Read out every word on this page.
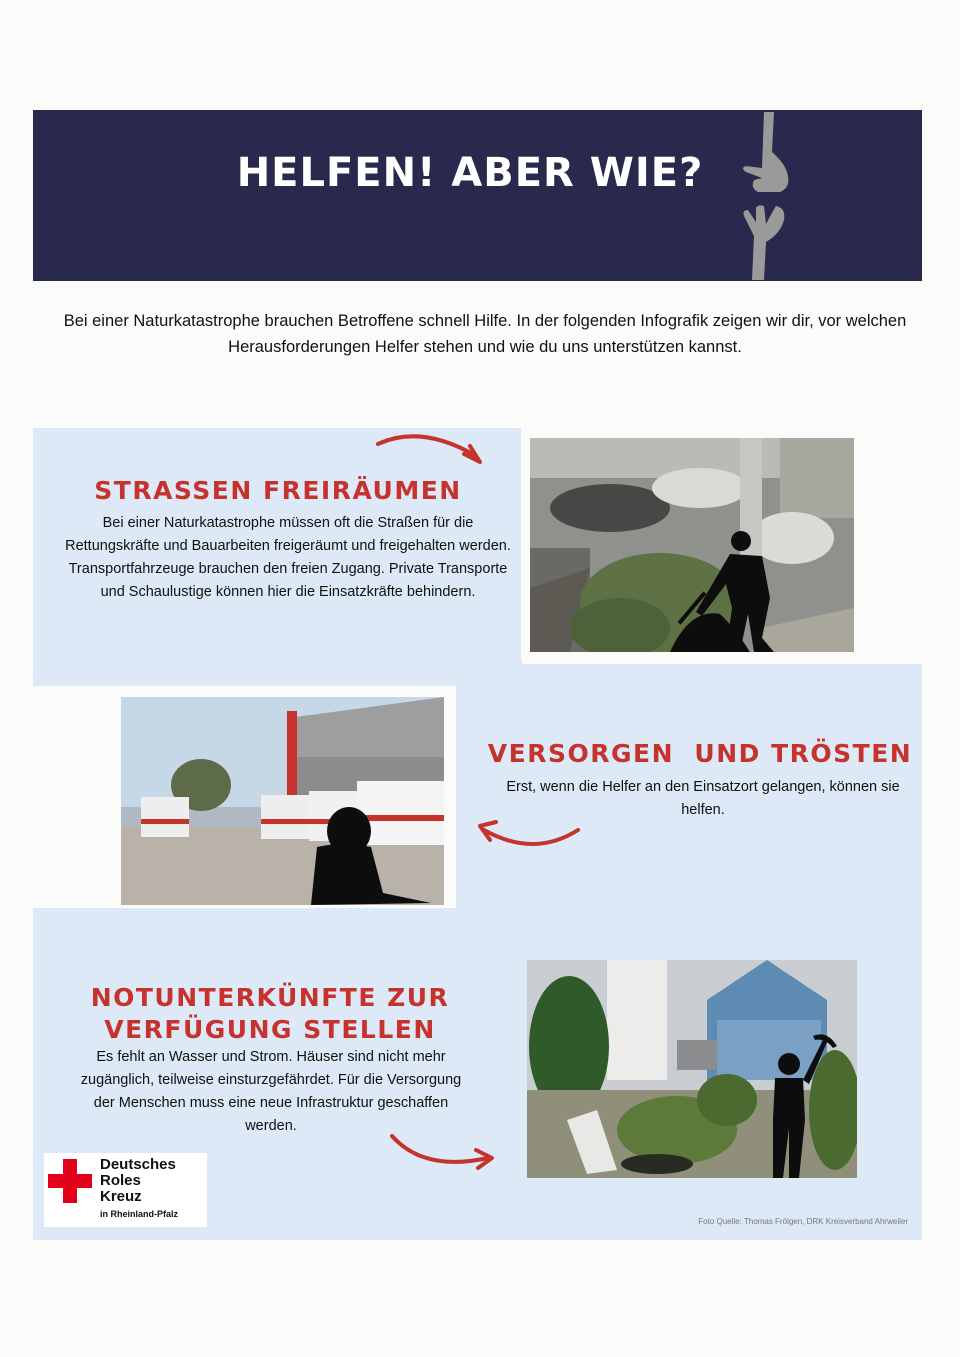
HELFEN! ABER WIE?
Bei einer Naturkatastrophe brauchen Betroffene schnell Hilfe. In der folgenden Infografik zeigen wir dir, vor welchen Herausforderungen Helfer stehen und wie du uns unterstützen kannst.
STRASSEN FREIRÄUMEN
Bei einer Naturkatastrophe müssen oft die Straßen für die Rettungskräfte und Bauarbeiten freigeräumt und freigehalten werden. Transportfahrzeuge brauchen den freien Zugang. Private Transporte und Schaulustige können hier die Einsatzkräfte behindern.
VERSORGEN  UND TRÖSTEN
Erst, wenn die Helfer an den Einsatzort gelangen, können sie helfen.
NOTUNTERKÜNFTE ZUR
VERFÜGUNG STELLEN
Es fehlt an Wasser und Strom. Häuser sind nicht mehr zugänglich, teilweise einsturzgefährdet. Für die Versorgung der Menschen muss eine neue Infrastruktur geschaffen werden.
Deutsches
Roles
Kreuz
in Rheinland-Pfalz
Foto Quelle: Thomas Frölgen, DRK Kreisverband Ahrweiler
